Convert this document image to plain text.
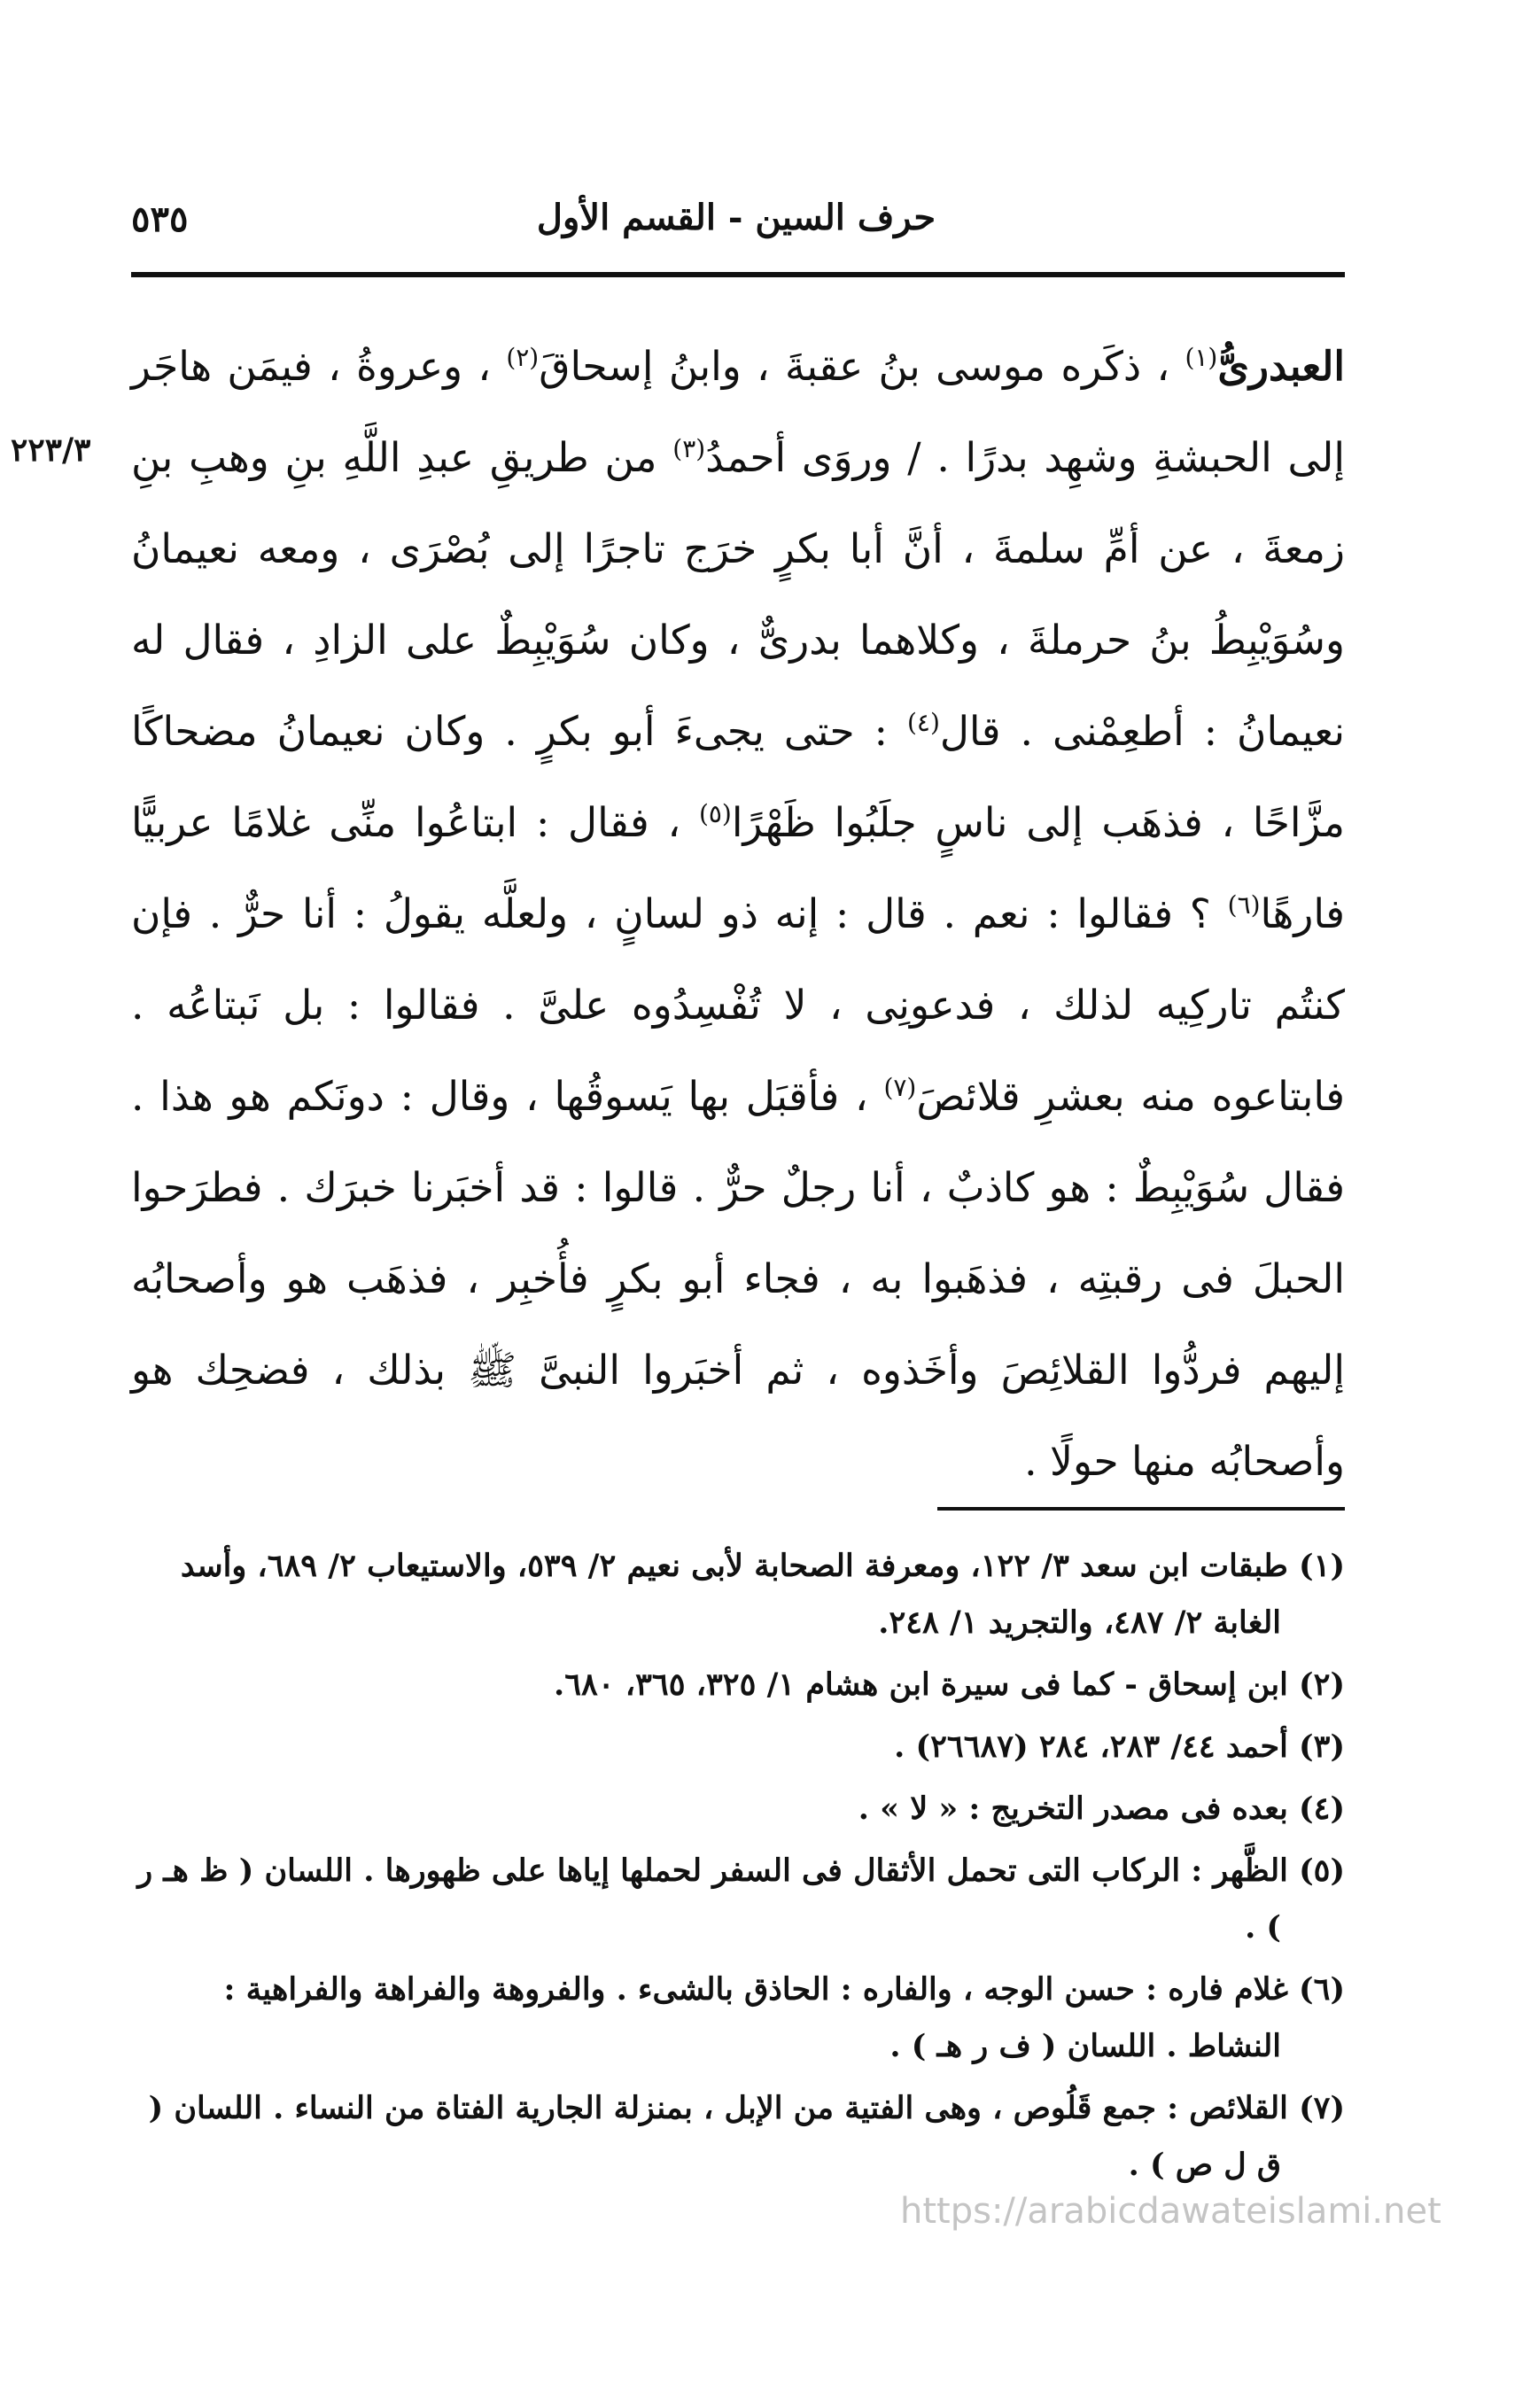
٥٣٥	حرف السين - القسم الأول
٢٢٣/٣
العبدرىُّ$^{(١)}$ ، ذكَره موسى بنُ عقبةَ ، وابنُ إسحاقَ$^{(٢)}$ ، وعروةُ ، فيمَن هاجَر إلى الحبشةِ وشهِد بدرًا . / وروَى أحمدُ$^{(٣)}$ من طريقِ عبدِ اللَّهِ بنِ وهبِ بنِ زمعةَ ، عن أمِّ سلمةَ ، أنَّ أبا بكرٍ خرَج تاجرًا إلى بُصْرَى ، ومعه نعيمانُ وسُوَيْبِطُ بنُ حرملةَ ، وكلاهما بدرىٌّ ، وكان سُوَيْبِطٌ على الزادِ ، فقال له نعيمانُ : أطعِمْنى . قال$^{(٤)}$ : حتى يجىءَ أبو بكرٍ . وكان نعيمانُ مضحاكًا مزَّاحًا ، فذهَب إلى ناسٍ جلَبُوا ظَهْرًا$^{(٥)}$ ، فقال : ابتاعُوا منِّى غلامًا عربيًّا فارهًا$^{(٦)}$ ؟ فقالوا : نعم . قال : إنه ذو لسانٍ ، ولعلَّه يقولُ : أنا حرٌّ . فإن كنتُم تاركِيه لذلك ، فدعونِى ، لا تُفْسِدُوه علىَّ . فقالوا : بل نَبتاعُه . فابتاعوه منه بعشرِ قلائصَ$^{(٧)}$ ، فأقبَل بها يَسوقُها ، وقال : دونَكم هو هذا . فقال سُوَيْبِطٌ : هو كاذبٌ ، أنا رجلٌ حرٌّ . قالوا : قد أخبَرنا خبرَك . فطرَحوا الحبلَ فى رقبتِه ، فذهَبوا به ، فجاء أبو بكرٍ فأُخبِر ، فذهَب هو وأصحابُه إليهم فردُّوا القلائِصَ وأخَذوه ، ثم أخبَروا النبىَّ ﷺ بذلك ، فضحِك هو وأصحابُه منها حولًا .

(١) طبقات ابن سعد ٣/ ١٢٢، ومعرفة الصحابة لأبى نعيم ٢/ ٥٣٩، والاستيعاب ٢/ ٦٨٩، وأسد الغابة ٢/ ٤٨٧، والتجريد ١/ ٢٤٨.

(٢) ابن إسحاق - كما فى سيرة ابن هشام ١/ ٣٢٥، ٣٦٥، ٦٨٠.

(٣) أحمد ٤٤/ ٢٨٣، ٢٨٤ (٢٦٦٨٧) .

(٤) بعده فى مصدر التخريج : « لا » .

(٥) الظَّهر : الركاب التى تحمل الأثقال فى السفر لحملها إياها على ظهورها . اللسان ( ظ هـ ر ) .

(٦) غلام فاره : حسن الوجه ، والفاره : الحاذق بالشىء . والفروهة والفراهة والفراهية : النشاط . اللسان ( ف ر هـ ) .

(٧) القلائص : جمع قَلُوص ، وهى الفتية من الإبل ، بمنزلة الجارية الفتاة من النساء . اللسان ( ق ل ص ) .

https://arabicdawateislami.net
